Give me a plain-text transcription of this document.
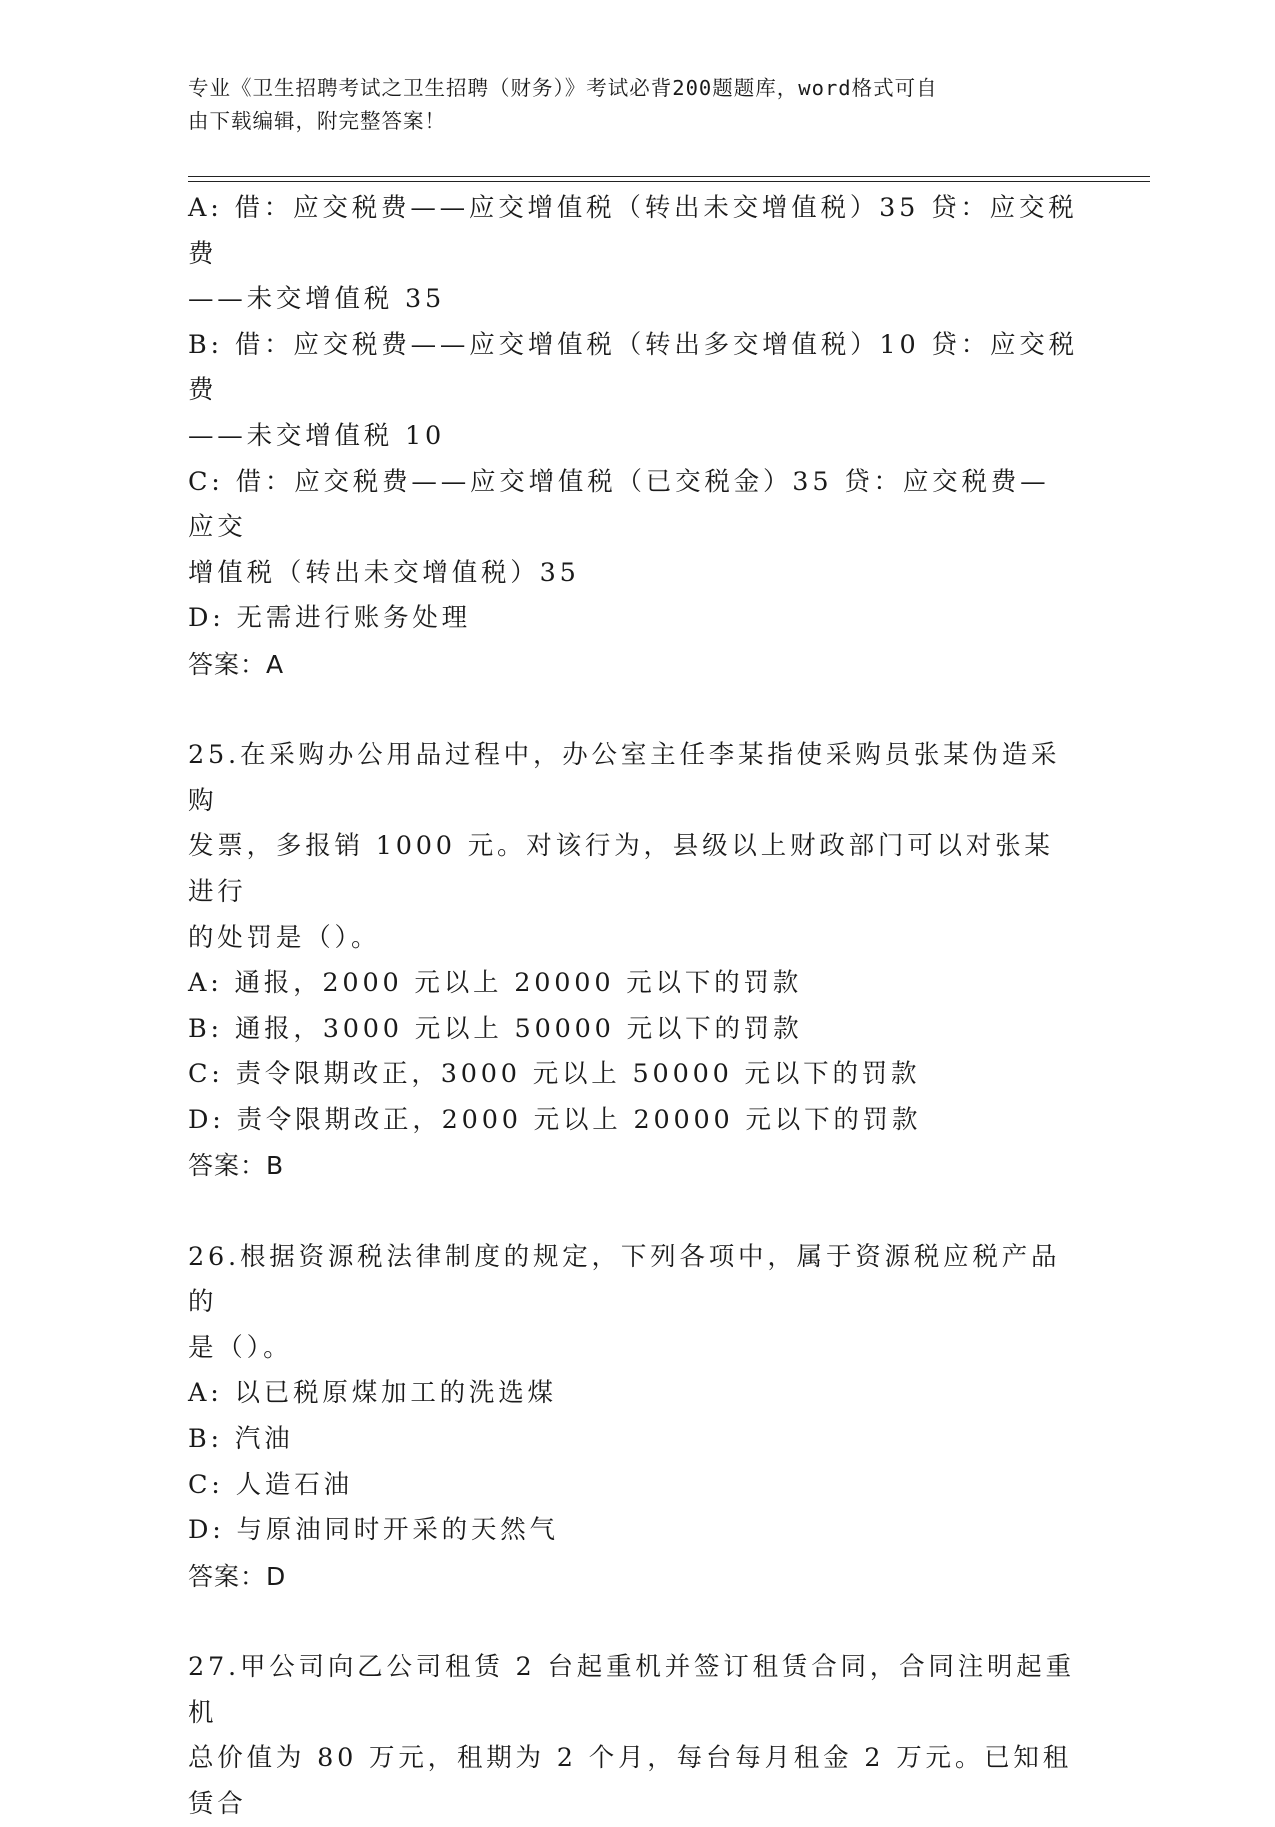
专业《卫生招聘考试之卫生招聘（财务）》考试必背200题题库，word格式可自
由下载编辑，附完整答案！

A: 借：应交税费——应交增值税（转出未交增值税）35 贷：应交税费

——未交增值税 35

B: 借：应交税费——应交增值税（转出多交增值税）10 贷：应交税费

——未交增值税 10

C: 借：应交税费——应交增值税（已交税金）35 贷：应交税费—应交

增值税（转出未交增值税）35

D: 无需进行账务处理

答案：A

25.在采购办公用品过程中，办公室主任李某指使采购员张某伪造采购

发票，多报销 1000 元。对该行为，县级以上财政部门可以对张某进行

的处罚是（）。

A: 通报，2000 元以上 20000 元以下的罚款

B: 通报，3000 元以上 50000 元以下的罚款

C: 责令限期改正，3000 元以上 50000 元以下的罚款

D: 责令限期改正，2000 元以上 20000 元以下的罚款

答案：B

26.根据资源税法律制度的规定，下列各项中，属于资源税应税产品的

是（）。

A: 以已税原煤加工的洗选煤

B: 汽油

C: 人造石油

D: 与原油同时开采的天然气

答案：D

27.甲公司向乙公司租赁 2 台起重机并签订租赁合同，合同注明起重机

总价值为 80 万元，租期为 2 个月，每台每月租金 2 万元。已知租赁合
